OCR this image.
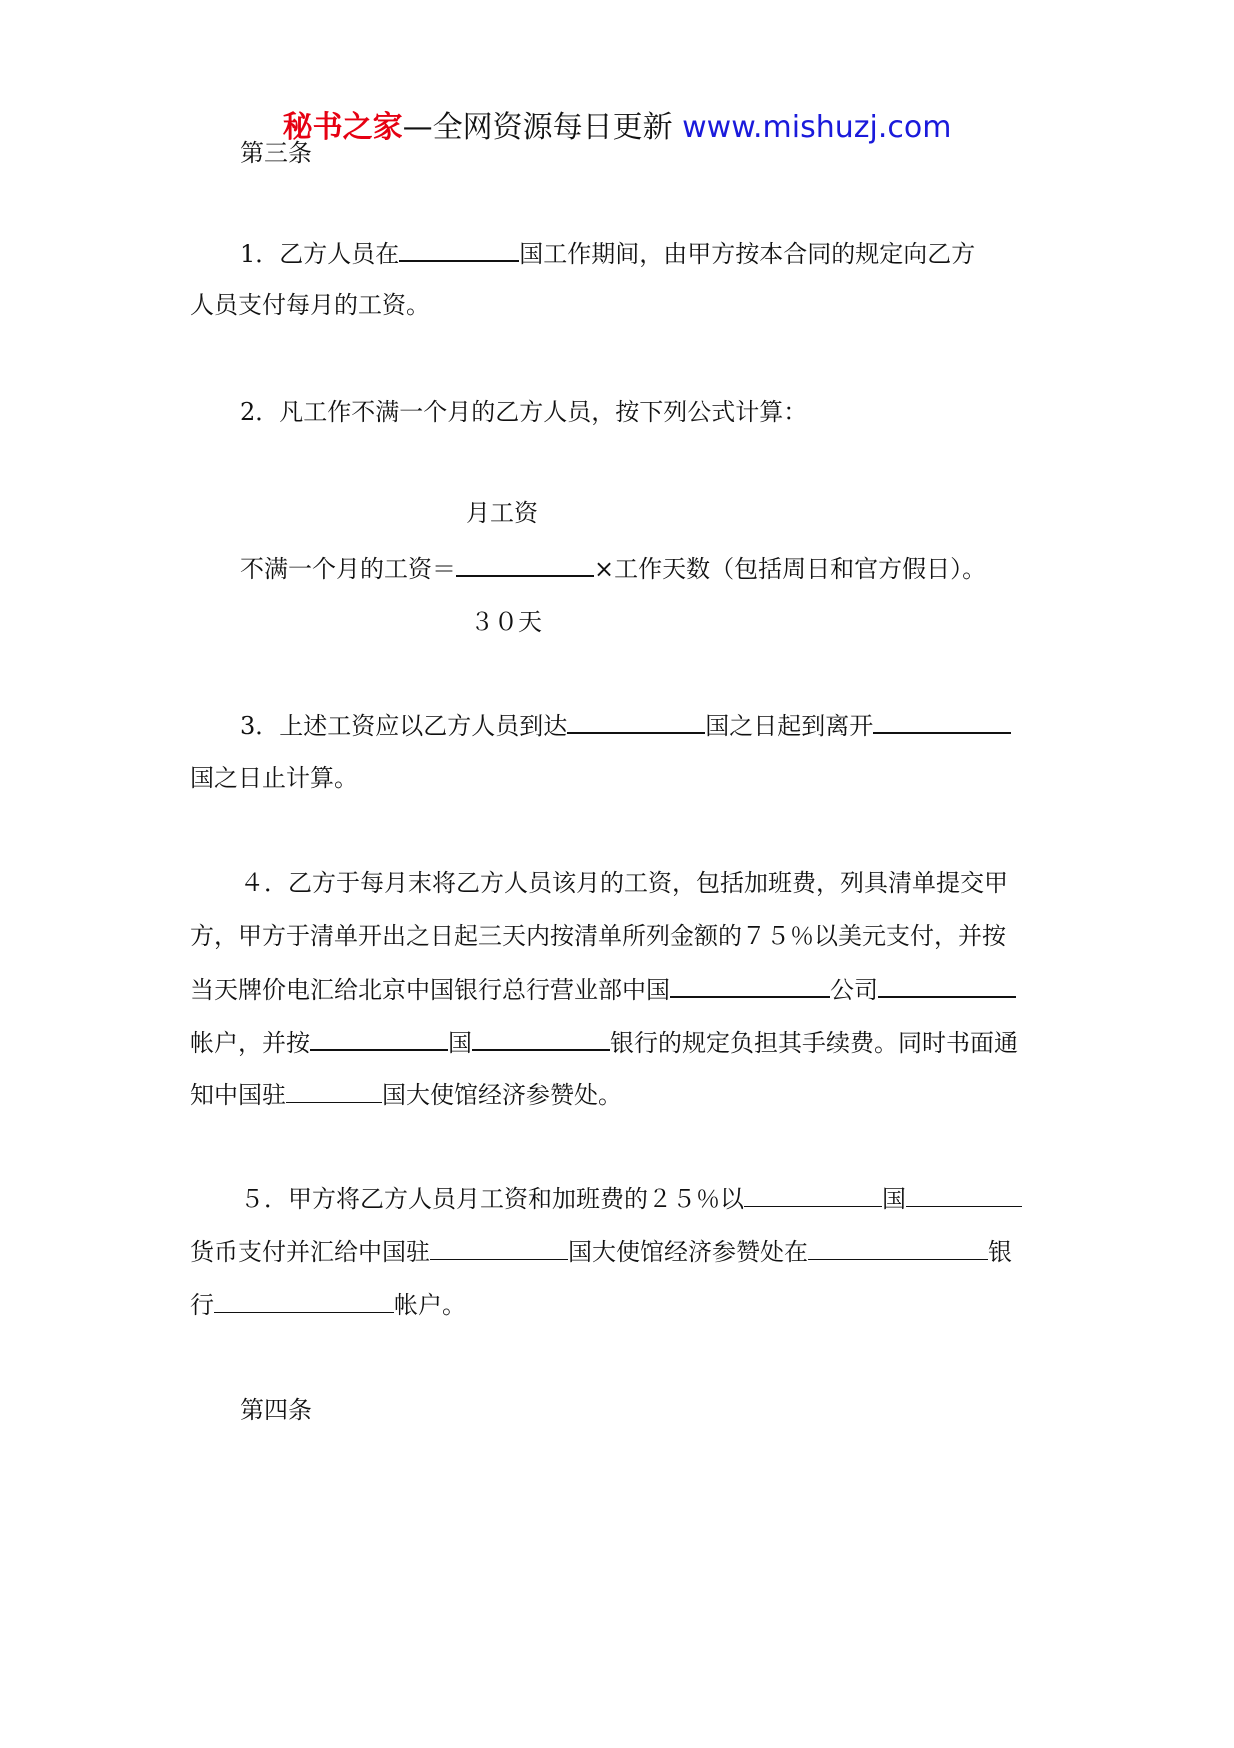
秘书之家—全网资源每日更新 www.mishuzj.com
第三条
1．乙方人员在	国工作期间，由甲方按本合同的规定向乙方
人员支付每月的工资。
2．凡工作不满一个月的乙方人员，按下列公式计算：
月工资
不满一个月的工资＝	×工作天数（包括周日和官方假日）。
３０天
3．上述工资应以乙方人员到达	国之日起到离开
国之日止计算。
４．乙方于每月末将乙方人员该月的工资，包括加班费，列具清单提交甲
方，甲方于清单开出之日起三天内按清单所列金额的７５％以美元支付，并按
当天牌价电汇给北京中国银行总行营业部中国	公司
帐户，并按	国	银行的规定负担其手续费。同时书面通
知中国驻	国大使馆经济参赞处。
５．甲方将乙方人员月工资和加班费的２５％以	国
货币支付并汇给中国驻	国大使馆经济参赞处在	银
行	帐户。
第四条
